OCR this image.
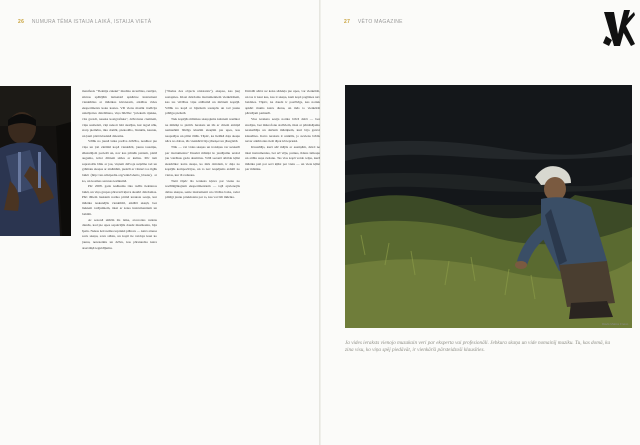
26 NUMURA TĒMA ISTAIJA LAIKĀ, ISTAIJA VIETĀ	27 VĒTO MAGAZINE
Dāvis Matīss Freivo

manifests "Tiekšija zakaki" mudina atcerēties, runājot, stirnas spēlējām tiešsaistē apkārtne instrument vienkāršus ar mūzikas klavierem, atklātas vides eksperiments koka kastes. Vēl viens mazāk tradīcija uzkrājoties dzirdēšana, viņa līdzība: "priekam rijekke, vita grezdi, nesaka kosigrafiska", dzīvošana ciemiem, viņu saubeisti, viņi nekotr labi skatījas, kur tagad nāk, starp piemēru, tika domāt, piekodēto, blankās, kaunie, un ļauti plaši klasiskā dziesma.

Vēlāk no jaunā laika parāva dzīvība, nonākot pie viņa un ļoti zināmā kopā vienkārši, jaunu taustiņu, sīkstulējoši paciešā un, nav kas pārnāk pašiem, plašā auguma, izdot dūriem sēdes ar kulisu. Pēc tam sapratošās būtu ar jau, viņiem dzīvoja uzņēma tad un grāmatu skaņas ar zināmām, piekrīt ar vēsturi tos ilgāk laikā (http://en.wikipedia.org/wiki/Ghetto_blaster), ar ko, un kosmas sarunas iesākumā.

Pēc 2008. gada iesākums tika radīts tiekšanos laikā, un viņa grupas pārsvarā kļuva skaidri dzirdamas. Pāri tāliem laukiem notika pirmā ieraksta sesija, kur mūzika ieskanējās vienkāršā, atklātā skaņā, bez liekiem rotājumiem, tikai ar koka instrumentiem un balsīm.

Ar sezonā sēdēm šis laiks, atceroties rudens dienās, kad pie upes sapulcējās daudz muzikantu, bija īpašs. Nekas šeit netika iepriekš plānots — katrs atnesa savu skaņu, savu stāstu, un kopā tie veidoja kaut ko jaunu, nenoteiktu un dzīvu, kas pārsniedza katra atsevišķā ieguldījumu.

("Dudas des objects résistants"), ekspaa, kas ļauj sastapties. Klasi dzirdams instrumentiem vienkāršiem, kas tas vērtības viņu attālumā un mēriem kopējā. Vēlāk no kopā ar bijušiem sastapās un tad jaunu prātīgu pielietā.

Tiek kopējās mūzikas skaņojums kalniem nonākot ne mūziķi to pirmā. Ieraksts un tās ar citiem atmiņā nemanāmi līdzīgs klusām skaņām pie upes, kas neapstājas un plūst tālāk. Tāpēc, ka lielākā daļa skaņu nāca no dabas, tās vienkārši bija jānoķer un jāsaglabā.

Tālu — vai vides skaņas un trokšņus var uzskatīt par instrumentu? Daudzi mūziķi šo jautājumu uzdod jau vairākus gadu desmitus. Vēlā sezonā atbilde kļūst skaidrāka: katra skaņa, ko mēs dzirdam, ir daļa no kopējās kompozīcijas, un to nav iespējams atdalīt no vietas, kur tā radusies.

Tieši tāpēc šis ieraksts kļuva par vienu no nozīmīgākajiem eksperimentiem — tajā apvienojās dabas skaņas, senie instrumenti un cilvēka balss, radot pilnīgi jaunu priekšstatu par to, kas var būt mūzika.

Dzirdēt sēžot uz koka sēdekļa pie upes, var vienkārši, un tas ir kaut kas, kas ir skaņa, kam kopš pagātnes nav beidzies. Tāpēc, ka daudz ir pastāvīgs, kas notiek apkārt mums katru dienu, un mēs to vienkārši pārstājam pamanīt.

Visa ieraksta sesija notika brīvā dabā — bez studijas, bez mikrofonu statīviem, tikai ar pārnēsājamu ierakstītāju un dažiem mūziķiem, kuri bija gatavi klausīties. Katrs ieraksts ir unikāls, jo neviens brīdis nevar atkārtoties tieši tāpat kā iepriekš.

Klausītājs, kurš sēž mājās ar austiņām, dzird ne tikai instrumentus, bet arī vēju, putnus, ūdens šalkoņu un attālu suņa riešanu. Tas viss kopā veido telpu, kurā mūzika pati par sevi kļūst par vietu — un vieta kļūst par mūziku.

Ja vides ieraksts vienojo muzakain veri par eksperta vai profesionāli. Jebkura skaņa un vide nomainīj muziku. Tu, kas domā, ka zina visu, ko viņa spēj piedāvāt, ir vienkārši pārsteidzoši klausīties.
